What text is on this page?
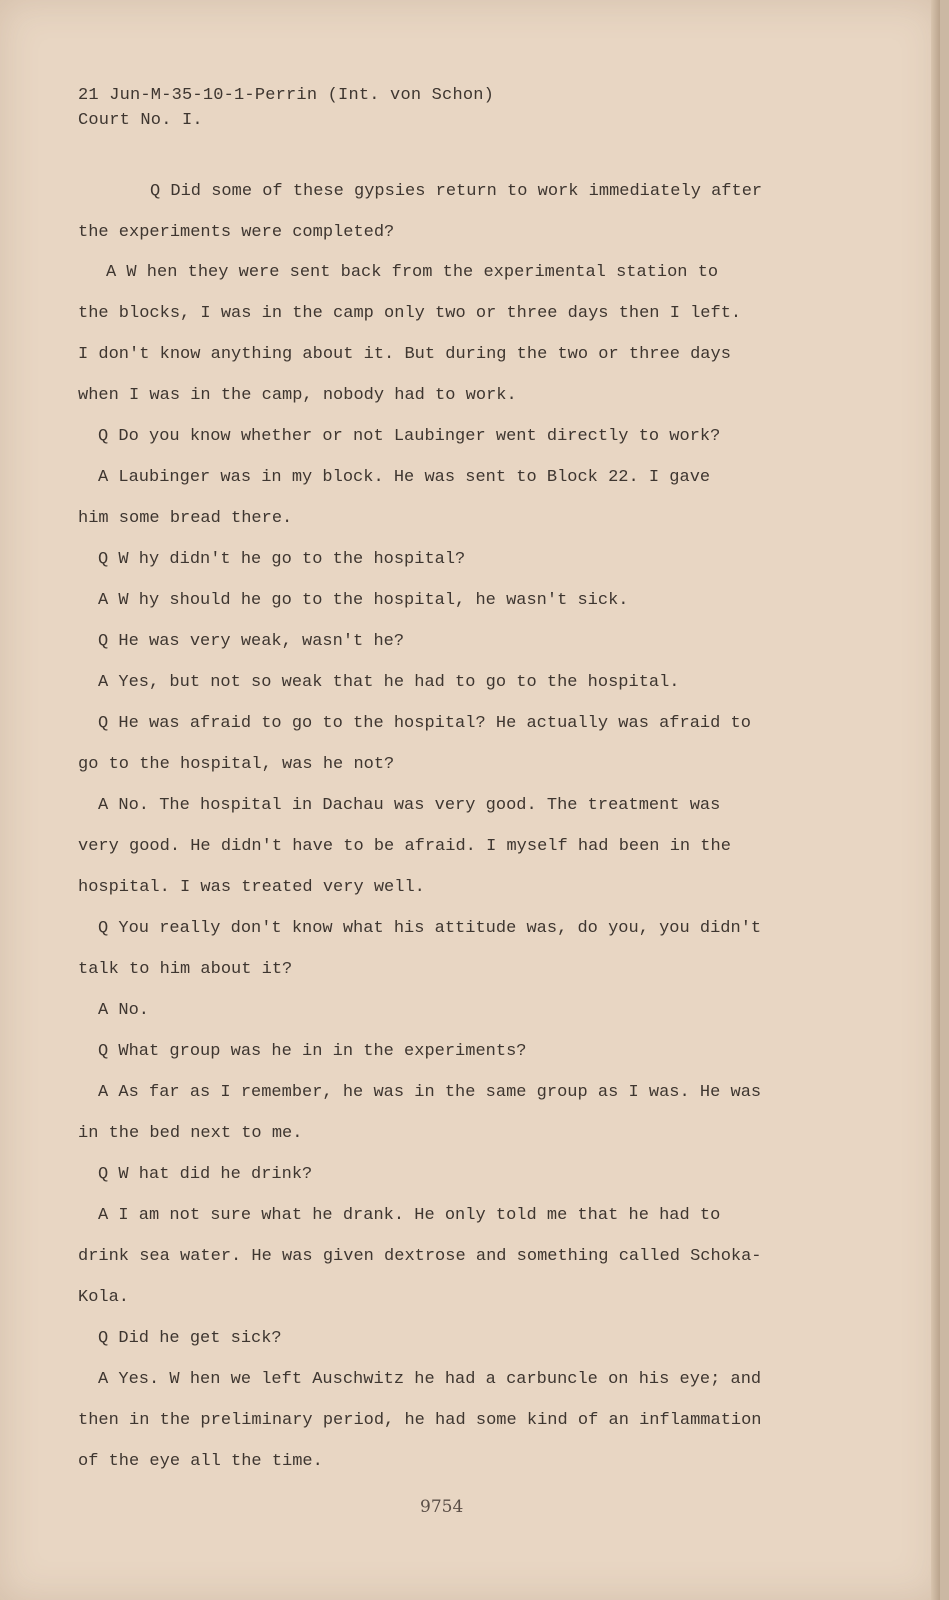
21 Jun-M-35-10-1-Perrin (Int. von Schon)
Court No. I.
Q Did some of these gypsies return to work immediately after
the experiments were completed?
A W hen they were sent back from the experimental station to
the blocks, I was in the camp only two or three days then I left.
I don't know anything about it. But during the two or three days
when I was in the camp, nobody had to work.
Q Do you know whether or not Laubinger went directly to work?
A Laubinger was in my block. He was sent to Block 22. I gave
him some bread there.
Q W hy didn't he go to the hospital?
A W hy should he go to the hospital, he wasn't sick.
Q He was very weak, wasn't he?
A Yes, but not so weak that he had to go to the hospital.
Q He was afraid to go to the hospital? He actually was afraid to
go to the hospital, was he not?
A No. The hospital in Dachau was very good. The treatment was
very good. He didn't have to be afraid. I myself had been in the
hospital. I was treated very well.
Q You really don't know what his attitude was, do you, you didn't
talk to him about it?
A No.
Q What group was he in in the experiments?
A As far as I remember, he was in the same group as I was. He was
in the bed next to me.
Q W hat did he drink?
A I am not sure what he drank. He only told me that he had to
drink sea water. He was given dextrose and something called Schoka-
Kola.
Q Did he get sick?
A Yes. W hen we left Auschwitz he had a carbuncle on his eye; and
then in the preliminary period, he had some kind of an inflammation
of the eye all the time.
9754
